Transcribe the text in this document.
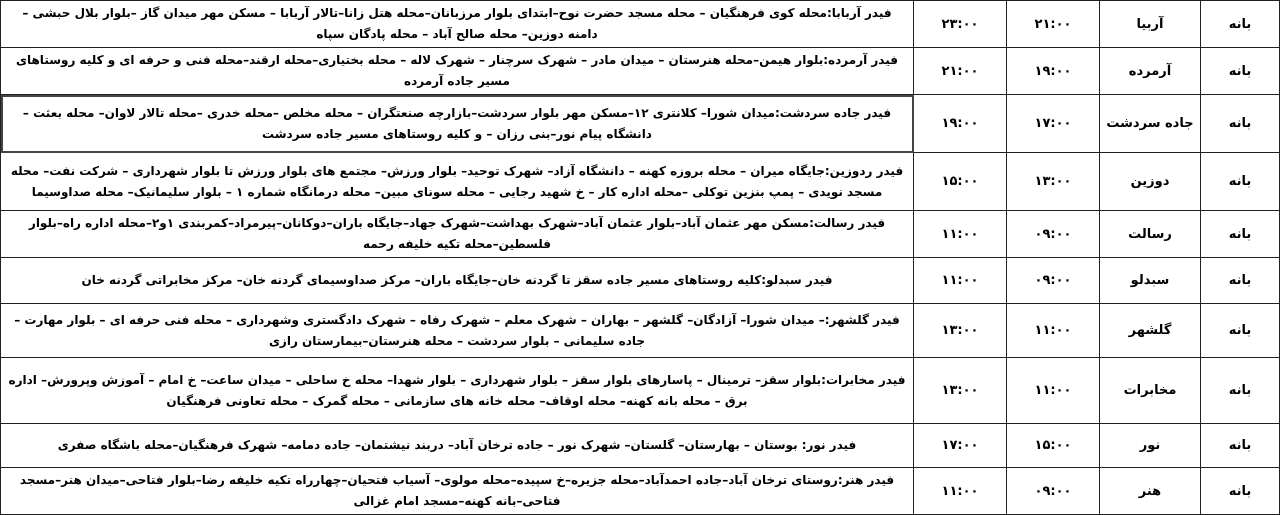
بانه	آربیا	۲۱:۰۰	۲۳:۰۰	فیدر آربابا:محله کوی فرهنگیان – محله مسجد حضرت نوح–ابتدای بلوار مرزبانان–محله هتل زانا–تالار آربابا – مسکن مهر میدان گاز –بلوار بلال حبشی – دامنه دوزین– محله صالح آباد – محله پادگان سپاه
بانه	آرمرده	۱۹:۰۰	۲۱:۰۰	فیدر آرمرده:بلوار هیمن–محله هنرستان – میدان مادر – شهرک سرچنار – شهرک لاله – محله بختیاری–محله ارقند–محله فنی و حرفه ای و کلیه روستاهای مسیر جاده آرمرده
بانه	جاده سردشت	۱۷:۰۰	۱۹:۰۰	فیدر جاده سردشت:میدان شورا– کلانتری ۱۲–مسکن مهر بلوار سردشت–بازارچه صنعتگران – محله مخلص –محله خدری –محله تالار لاوان– محله بعثت – دانشگاه پیام نور–بنی رزان – و کلیه روستاهای مسیر جاده سردشت
بانه	دوزین	۱۳:۰۰	۱۵:۰۰	فیدر ردوزین:جایگاه میران – محله بروزه کهنه – دانشگاه آزاد– شهرک توحید– بلوار ورزش– مجتمع های بلوار ورزش تا بلوار شهرداری – شرکت نفت– محله مسجد نویدی – پمپ بنزین توکلی –محله اداره کار – خ شهید رجایی – محله سونای مبین– محله درمانگاه شماره ۱ – بلوار سلیمانیک– محله صداوسیما
بانه	رسالت	۰۹:۰۰	۱۱:۰۰	فیدر رسالت:مسکن مهر عثمان آباد–بلوار عثمان آباد–شهرک بهداشت–شهرک جهاد–جایگاه باران–دوکانان–پیرمراد–کمربندی ۱و۲–محله اداره راه–بلوار فلسطین–محله تکیه خلیفه رحمه
بانه	سبدلو	۰۹:۰۰	۱۱:۰۰	فیدر سبدلو:کلیه روستاهای مسیر جاده سقز تا گردنه خان–جایگاه باران– مرکز صداوسیمای گردنه خان– مرکز مخابراتی گردنه خان
بانه	گلشهر	۱۱:۰۰	۱۳:۰۰	فیدر گلشهر:– میدان شورا– آزادگان– گلشهر – بهاران – شهرک معلم – شهرک رفاه – شهرک دادگستری وشهرداری – محله فنی حرفه ای – بلوار مهارت – جاده سلیمانی – بلوار سردشت – محله هنرستان–بیمارستان رازی
بانه	مخابرات	۱۱:۰۰	۱۳:۰۰	فیدر مخابرات:بلوار سقز– ترمینال – پاسارهای بلوار سقز – بلوار شهرداری – بلوار شهدا– محله خ ساحلی – میدان ساعت– خ امام – آموزش وپرورش– اداره برق – محله بانه کهنه– محله اوقاف– محله خانه های سازمانی – محله گمرک – محله تعاونی فرهنگیان
بانه	نور	۱۵:۰۰	۱۷:۰۰	فیدر نور: بوستان – بهارستان– گلستان– شهرک نور – جاده ترخان آباد– دربند نیشتمان– جاده دمامه– شهرک فرهنگیان–محله باشگاه صفری
بانه	هنر	۰۹:۰۰	۱۱:۰۰	فیدر هنر:روستای ترخان آباد–جاده احمدآباد–محله جزیره–خ سپیده–محله مولوی– آسیاب فتحیان–چهارراه تکیه خلیفه رضا–بلوار فتاحی–میدان هنر–مسجد فتاحی–بانه کهنه–مسجد امام غزالی
